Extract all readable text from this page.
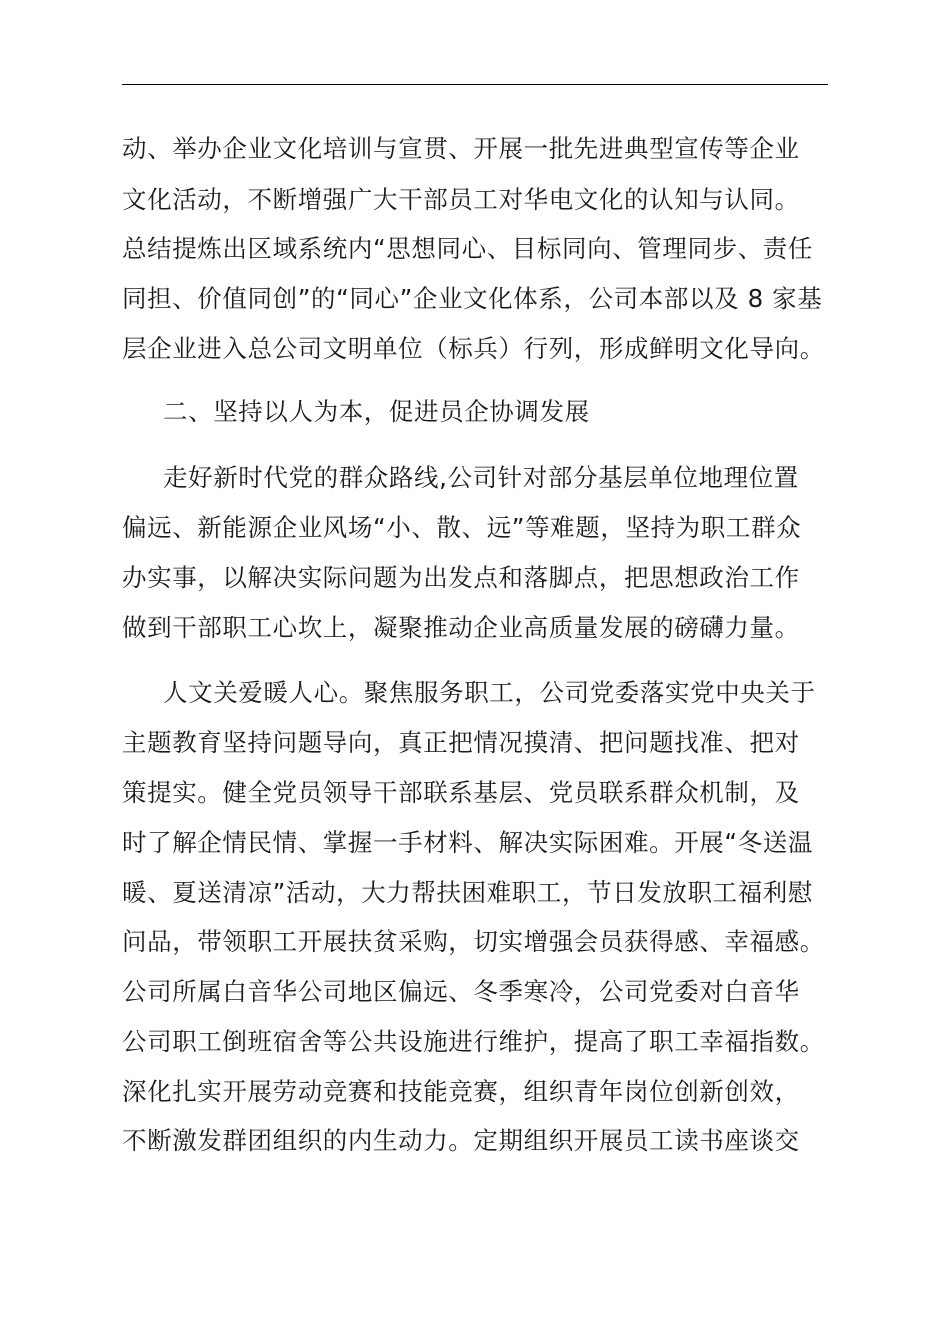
动、举办企业文化培训与宣贯、开展一批先进典型宣传等企业
文化活动，不断增强广大干部员工对华电文化的认知与认同。
总结提炼出区域系统内“思想同心、目标同向、管理同步、责任
同担、价值同创”的“同心”企业文化体系，公司本部以及 8 家基
层企业进入总公司文明单位（标兵）行列，形成鲜明文化导向。
二、坚持以人为本，促进员企协调发展
走好新时代党的群众路线,公司针对部分基层单位地理位置
偏远、新能源企业风场“小、散、远”等难题，坚持为职工群众
办实事，以解决实际问题为出发点和落脚点，把思想政治工作
做到干部职工心坎上，凝聚推动企业高质量发展的磅礴力量。
人文关爱暖人心。聚焦服务职工，公司党委落实党中央关于
主题教育坚持问题导向，真正把情况摸清、把问题找准、把对
策提实。健全党员领导干部联系基层、党员联系群众机制，及
时了解企情民情、掌握一手材料、解决实际困难。开展“冬送温
暖、夏送清凉”活动，大力帮扶困难职工，节日发放职工福利慰
问品，带领职工开展扶贫采购，切实增强会员获得感、幸福感。
公司所属白音华公司地区偏远、冬季寒冷，公司党委对白音华
公司职工倒班宿舍等公共设施进行维护，提高了职工幸福指数。
深化扎实开展劳动竞赛和技能竞赛，组织青年岗位创新创效，
不断激发群团组织的内生动力。定期组织开展员工读书座谈交
